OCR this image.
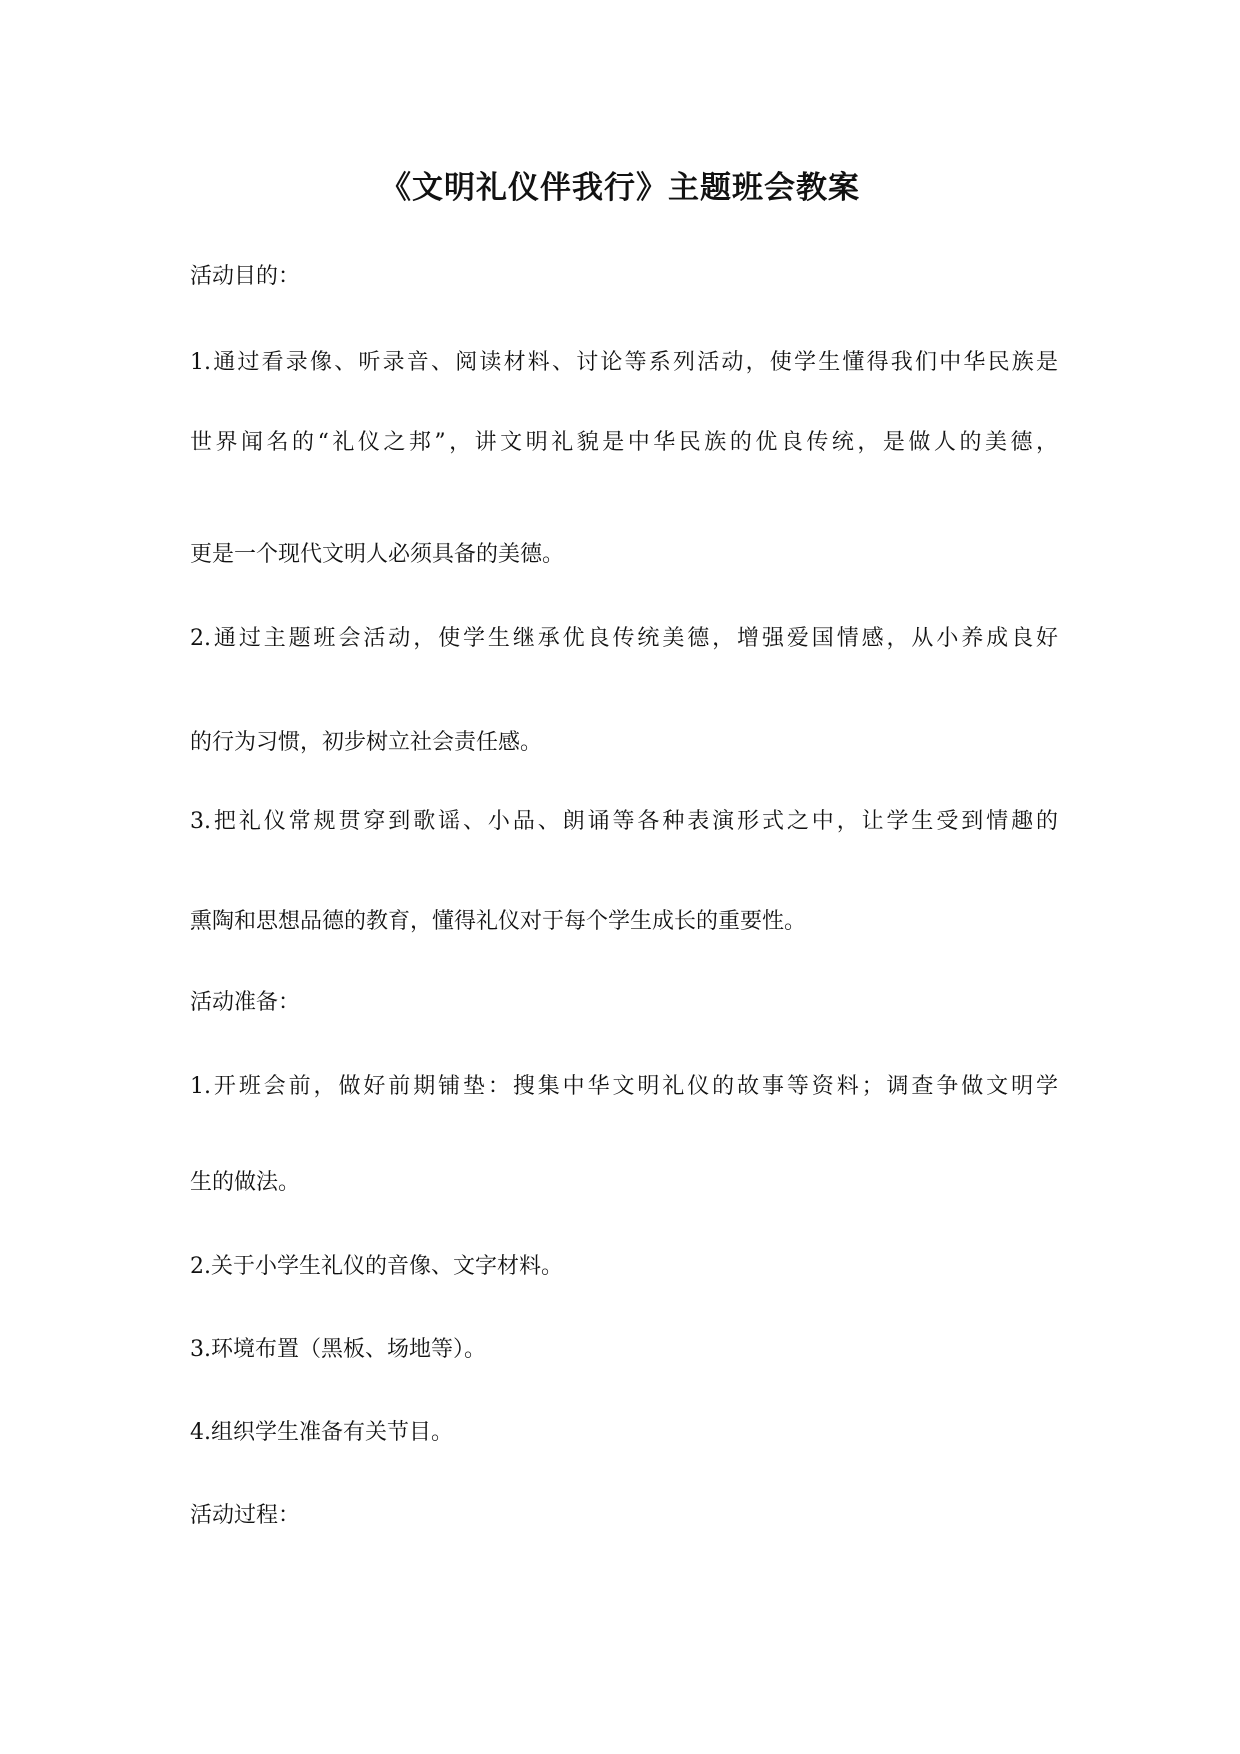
《文明礼仪伴我行》主题班会教案
活动目的：
1.通过看录像、听录音、阅读材料、讨论等系列活动，使学生懂得我们中华民族是
世界闻名的“礼仪之邦”，讲文明礼貌是中华民族的优良传统，是做人的美德，
更是一个现代文明人必须具备的美德。
2.通过主题班会活动，使学生继承优良传统美德，增强爱国情感，从小养成良好
的行为习惯，初步树立社会责任感。
3.把礼仪常规贯穿到歌谣、小品、朗诵等各种表演形式之中，让学生受到情趣的
熏陶和思想品德的教育，懂得礼仪对于每个学生成长的重要性。
活动准备：
1.开班会前，做好前期铺垫：搜集中华文明礼仪的故事等资料；调查争做文明学
生的做法。
2.关于小学生礼仪的音像、文字材料。
3.环境布置（黑板、场地等）。
4.组织学生准备有关节目。
活动过程：
